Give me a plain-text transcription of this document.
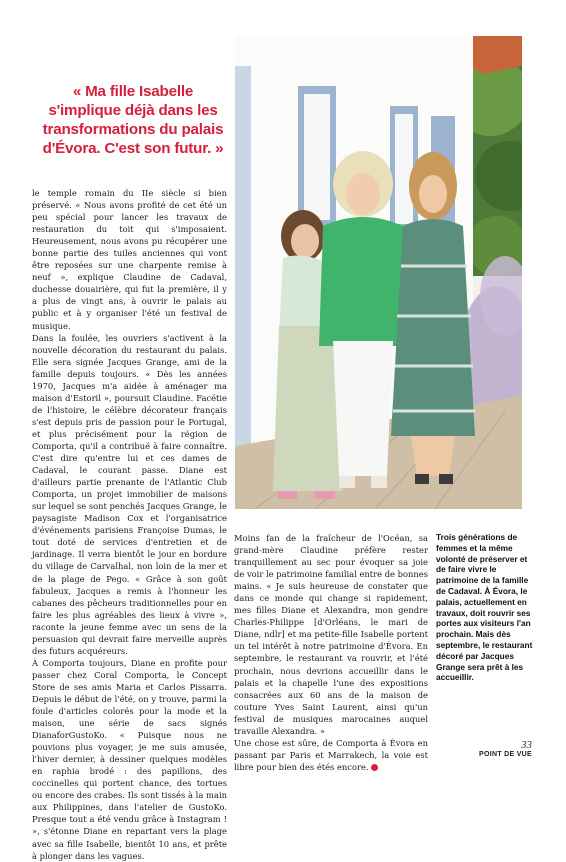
« Ma fille Isabelle s'implique déjà dans les transformations du palais d'Évora. C'est son futur. »

le temple romain du IIe siècle si bien préservé. « Nous avons profité de cet été un peu spécial pour lancer les travaux de restauration du toit qui s'imposaient. Heureusement, nous avons pu récupérer une bonne partie des tuiles anciennes qui vont être reposées sur une charpente remise à neuf », explique Claudine de Cadaval, duchesse douairière, qui fut la première, il y a plus de vingt ans, à ouvrir le palais au public et à y organiser l'été un festival de musique.

Dans la foulée, les ouvriers s'activent à la nouvelle décoration du restaurant du palais. Elle sera signée Jacques Grange, ami de la famille depuis toujours. « Dès les années 1970, Jacques m'a aidée à aménager ma maison d'Estoril », poursuit Claudine. Facétie de l'histoire, le célèbre décorateur français s'est depuis pris de passion pour le Portugal, et plus précisément pour la région de Comporta, qu'il a contribué à faire connaître. C'est dire qu'entre lui et ces dames de Cadaval, le courant passe. Diane est d'ailleurs partie prenante de l'Atlantic Club Comporta, un projet immobilier de maisons sur lequel se sont penchés Jacques Grange, le paysagiste Madison Cox et l'organisatrice d'événements parisiens Françoise Dumas, le tout doté de services d'entretien et de jardinage. Il verra bientôt le jour en bordure du village de Carvalhal, non loin de la mer et de la plage de Pego. « Grâce à son goût fabuleux, Jacques a remis à l'honneur les cabanes des pêcheurs traditionnelles pour en faire les plus agréables des lieux à vivre », raconte la jeune femme avec un sens de la persuasion qui devrait faire merveille auprès des futurs acquéreurs.

À Comporta toujours, Diane en profite pour passer chez Coral Comporta, le Concept Store de ses amis Maria et Carlos Pissarra. Depuis le début de l'été, on y trouve, parmi la foule d'articles colorés pour la mode et la maison, une série de sacs signés DianaforGustoKo. « Puisque nous ne pouvions plus voyager, je me suis amusée, l'hiver dernier, à dessiner quelques modèles en raphia brodé : des papillons, des coccinelles qui portent chance, des tortues ou encore des crabes. Ils sont tissés à la main aux Philippines, dans l'atelier de GustoKo. Presque tout a été vendu grâce à Instagram ! », s'étonne Diane en repartant vers la plage avec sa fille Isabelle, bientôt 10 ans, et prête à plonger dans les vagues.

Moins fan de la fraîcheur de l'Océan, sa grand-mère Claudine préfère rester tranquillement au sec pour évoquer sa joie de voir le patrimoine familial entre de bonnes mains. « Je suis heureuse de constater que dans ce monde qui change si rapidement, mes filles Diane et Alexandra, mon gendre Charles-Philippe [d'Orléans, le mari de Diane, ndlr] et ma petite-fille Isabelle portent un tel intérêt à notre patrimoine d'Évora. En septembre, le restaurant va rouvrir, et l'été prochain, nous devrions accueillir dans le palais et la chapelle l'une des expositions consacrées aux 60 ans de la maison de couture Yves Saint Laurent, ainsi qu'un festival de musiques marocaines auquel travaille Alexandra. »

Une chose est sûre, de Comporta à Évora en passant par Paris et Marrakech, la voie est libre pour bien des étés encore.

Trois générations de femmes et la même volonté de préserver et de faire vivre le patrimoine de la famille de Cadaval. À Évora, le palais, actuellement en travaux, doit rouvrir ses portes aux visiteurs l'an prochain. Mais dès septembre, le restaurant décoré par Jacques Grange sera prêt à les accueillir.
33
POINT DE VUE
